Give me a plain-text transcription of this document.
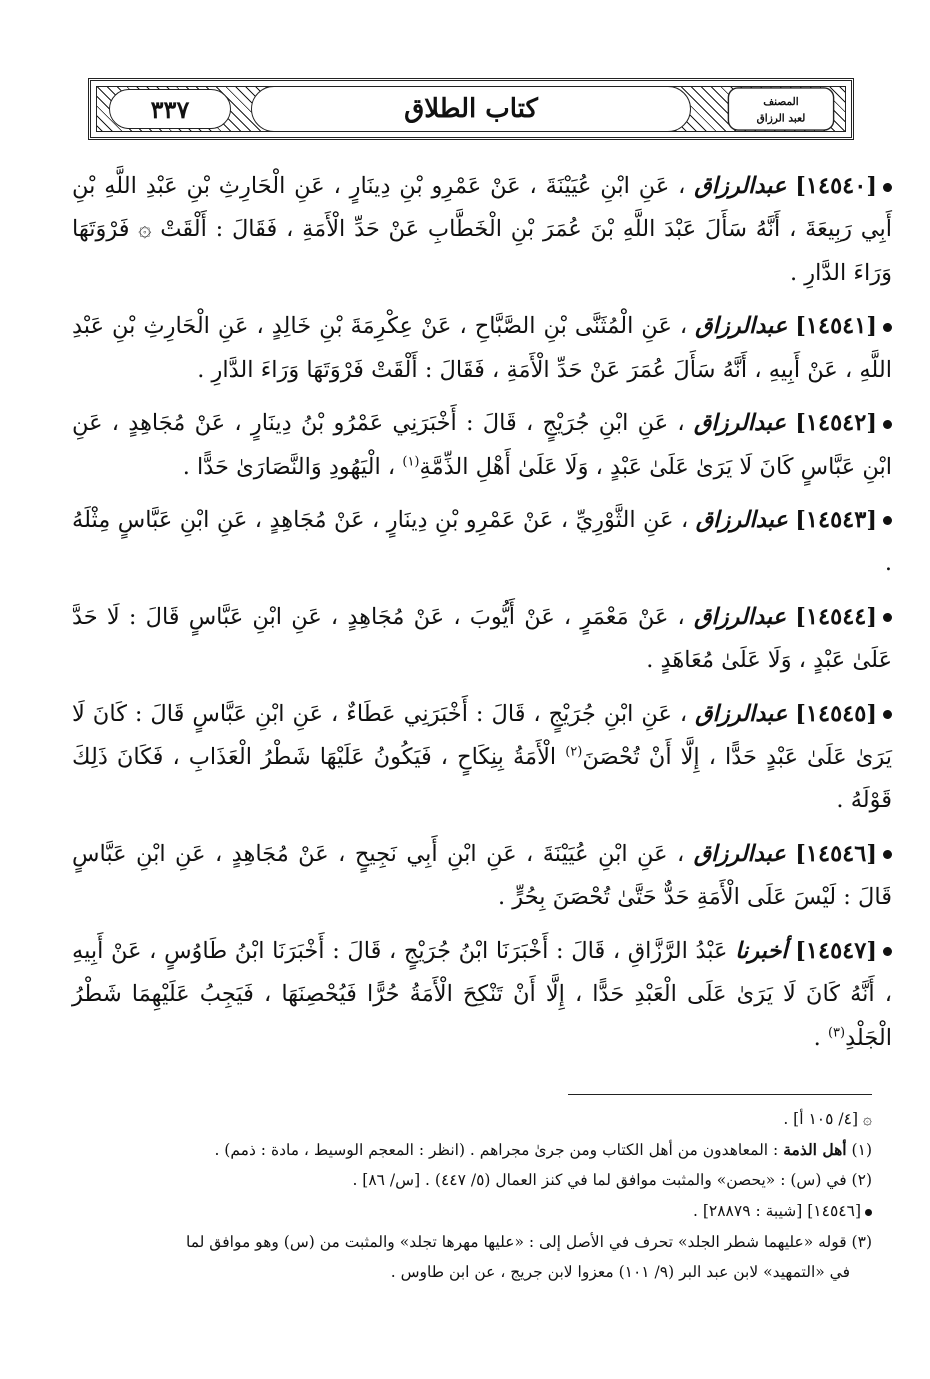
٣٣٧	كتاب الطلاق	المصنف
لعبد الرزاق

[١٤٥٤٠] عبدالرزاق ، عَنِ ابْنِ عُيَيْنَةَ ، عَنْ عَمْرِو بْنِ دِينَارٍ ، عَنِ الْحَارِثِ بْنِ عَبْدِ اللَّهِ بْنِ أَبِي رَبِيعَةَ ، أَنَّهُ سَأَلَ عَبْدَ اللَّهِ بْنَ عُمَرَ بْنِ الْخَطَّابِ عَنْ حَدِّ الْأَمَةِ ، فَقَالَ : أَلْقَتْ ۞ فَرْوَتَهَا وَرَاءَ الدَّارِ .

[١٤٥٤١] عبدالرزاق ، عَنِ الْمُثَنَّى بْنِ الصَّبَّاحِ ، عَنْ عِكْرِمَةَ بْنِ خَالِدٍ ، عَنِ الْحَارِثِ بْنِ عَبْدِ اللَّهِ ، عَنْ أَبِيهِ ، أَنَّهُ سَأَلَ عُمَرَ عَنْ حَدِّ الْأَمَةِ ، فَقَالَ : أَلْقَتْ فَرْوَتَهَا وَرَاءَ الدَّارِ .

[١٤٥٤٢] عبدالرزاق ، عَنِ ابْنِ جُرَيْجٍ ، قَالَ : أَخْبَرَنِي عَمْرُو بْنُ دِينَارٍ ، عَنْ مُجَاهِدٍ ، عَنِ ابْنِ عَبَّاسٍ كَانَ لَا يَرَىٰ عَلَىٰ عَبْدٍ ، وَلَا عَلَىٰ أَهْلِ الذِّمَّةِ$^{(١)}$ ، الْيَهُودِ وَالنَّصَارَىٰ حَدًّا .

[١٤٥٤٣] عبدالرزاق ، عَنِ الثَّوْرِيِّ ، عَنْ عَمْرِو بْنِ دِينَارٍ ، عَنْ مُجَاهِدٍ ، عَنِ ابْنِ عَبَّاسٍ مِثْلَهُ .

[١٤٥٤٤] عبدالرزاق ، عَنْ مَعْمَرٍ ، عَنْ أَيُّوبَ ، عَنْ مُجَاهِدٍ ، عَنِ ابْنِ عَبَّاسٍ قَالَ : لَا حَدَّ عَلَىٰ عَبْدٍ ، وَلَا عَلَىٰ مُعَاهَدٍ .

[١٤٥٤٥] عبدالرزاق ، عَنِ ابْنِ جُرَيْجٍ ، قَالَ : أَخْبَرَنِي عَطَاءٌ ، عَنِ ابْنِ عَبَّاسٍ قَالَ : كَانَ لَا يَرَىٰ عَلَىٰ عَبْدٍ حَدًّا ، إِلَّا أَنْ تُحْصَنَ$^{(٢)}$ الْأَمَةُ بِنِكَاحٍ ، فَيَكُونُ عَلَيْهَا شَطْرُ الْعَذَابِ ، فَكَانَ ذَلِكَ قَوْلَهُ .

[١٤٥٤٦] عبدالرزاق ، عَنِ ابْنِ عُيَيْنَةَ ، عَنِ ابْنِ أَبِي نَجِيحٍ ، عَنْ مُجَاهِدٍ ، عَنِ ابْنِ عَبَّاسٍ قَالَ : لَيْسَ عَلَى الْأَمَةِ حَدٌّ حَتَّىٰ تُحْصَنَ بِحُرٍّ .

[١٤٥٤٧] أخبرنا عَبْدُ الرَّزَّاقِ ، قَالَ : أَخْبَرَنَا ابْنُ جُرَيْجٍ ، قَالَ : أَخْبَرَنَا ابْنُ طَاوُسٍ ، عَنْ أَبِيهِ ، أَنَّهُ كَانَ لَا يَرَىٰ عَلَى الْعَبْدِ حَدًّا ، إِلَّا أَنْ تَنْكِحَ الْأَمَةُ حُرًّا فَيُحْصِنَهَا ، فَيَجِبُ عَلَيْهِمَا شَطْرُ الْجَلْدِ$^{(٣)}$ .

۞ [٤/ ١٠٥ أ] .

(١) أهل الذمة : المعاهدون من أهل الكتاب ومن جرىٰ مجراهم . (انظر : المعجم الوسيط ، مادة : ذمم) .

(٢) في (س) : «يحصن» والمثبت موافق لما في كنز العمال (٥/ ٤٤٧) . [س/ ٨٦] .

[١٤٥٤٦] [شيبة : ٢٨٨٧٩] .

(٣) قوله «عليهما شطر الجلد» تحرف في الأصل إلى : «عليها مهرها تجلد» والمثبت من (س) وهو موافق لما

في «التمهيد» لابن عبد البر (٩/ ١٠١) معزوا لابن جريج ، عن ابن طاوس .
